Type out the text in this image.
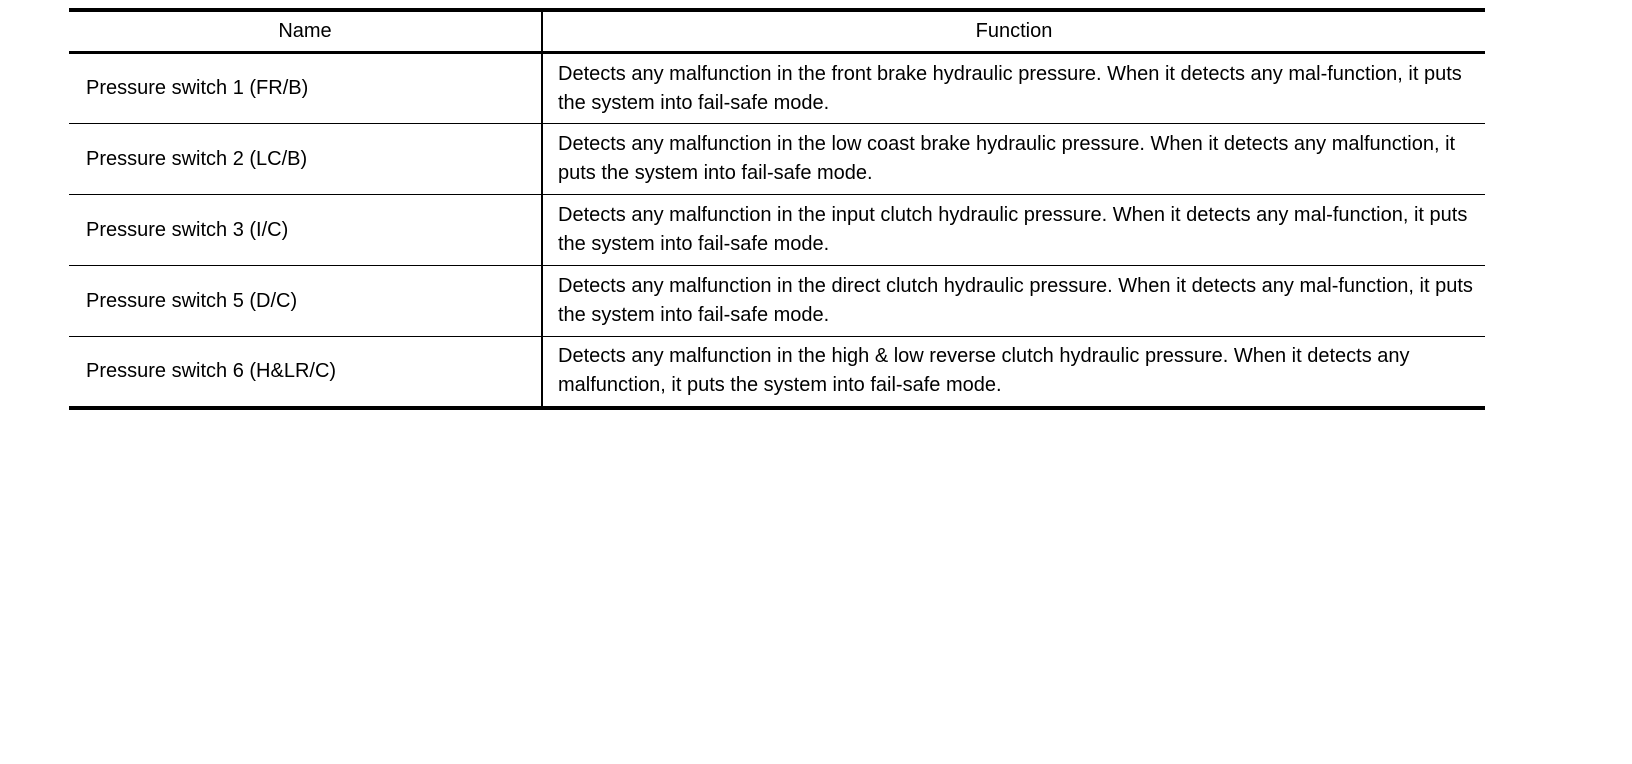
Name	Function
Pressure switch 1 (FR/B)	Detects any malfunction in the front brake hydraulic pressure. When it detects any mal-function, it puts the system into fail-safe mode.

Pressure switch 2 (LC/B)	Detects any malfunction in the low coast brake hydraulic pressure. When it detects any malfunction, it puts the system into fail-safe mode.

Pressure switch 3 (I/C)	Detects any malfunction in the input clutch hydraulic pressure. When it detects any mal-function, it puts the system into fail-safe mode.

Pressure switch 5 (D/C)	Detects any malfunction in the direct clutch hydraulic pressure. When it detects any mal-function, it puts the system into fail-safe mode.

Pressure switch 6 (H&LR/C)	Detects any malfunction in the high & low reverse clutch hydraulic pressure. When it detects any malfunction, it puts the system into fail-safe mode.
